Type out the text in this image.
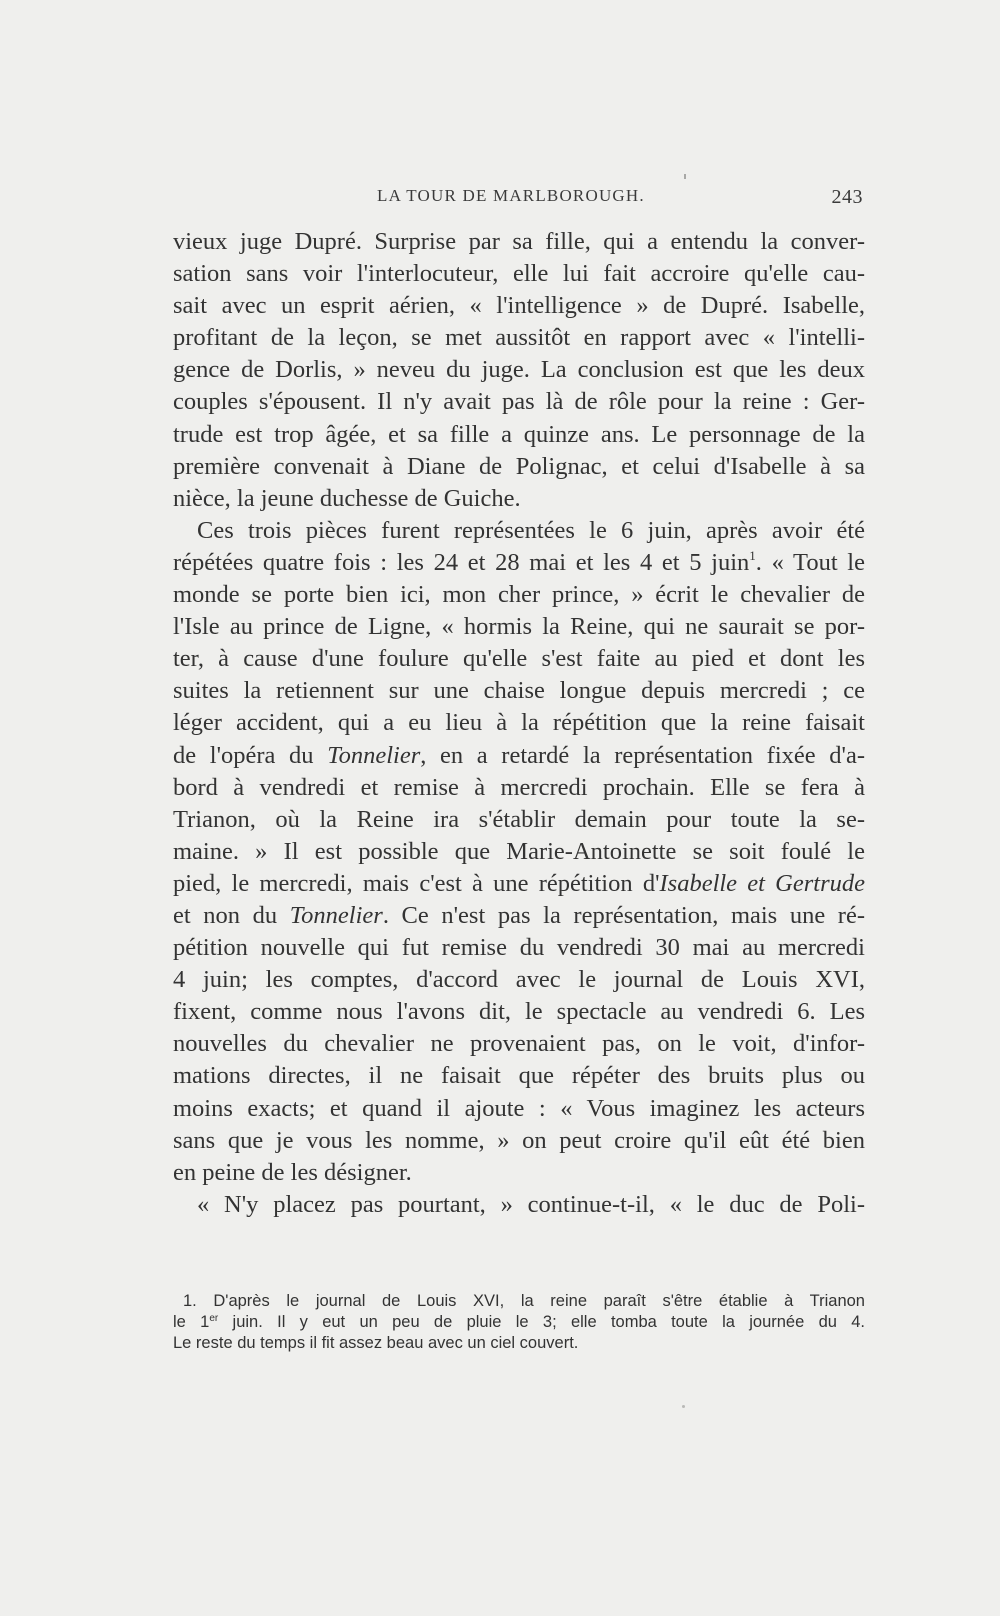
LA TOUR DE MARLBOROUGH.	243
vieux juge Dupré. Surprise par sa fille, qui a entendu la conver-
sation sans voir l'interlocuteur, elle lui fait accroire qu'elle cau-
sait avec un esprit aérien, « l'intelligence » de Dupré. Isabelle,
profitant de la leçon, se met aussitôt en rapport avec « l'intelli-
gence de Dorlis, » neveu du juge. La conclusion est que les deux
couples s'épousent. Il n'y avait pas là de rôle pour la reine : Ger-
trude est trop âgée, et sa fille a quinze ans. Le personnage de la
première convenait à Diane de Polignac, et celui d'Isabelle à sa
nièce, la jeune duchesse de Guiche.
Ces trois pièces furent représentées le 6 juin, après avoir été
répétées quatre fois : les 24 et 28 mai et les 4 et 5 juin$^1$. « Tout le
monde se porte bien ici, mon cher prince, » écrit le chevalier de
l'Isle au prince de Ligne, « hormis la Reine, qui ne saurait se por-
ter, à cause d'une foulure qu'elle s'est faite au pied et dont les
suites la retiennent sur une chaise longue depuis mercredi ; ce
léger accident, qui a eu lieu à la répétition que la reine faisait
de l'opéra du Tonnelier, en a retardé la représentation fixée d'a-
bord à vendredi et remise à mercredi prochain. Elle se fera à
Trianon, où la Reine ira s'établir demain pour toute la se-
maine. » Il est possible que Marie-Antoinette se soit foulé le
pied, le mercredi, mais c'est à une répétition d'Isabelle et Gertrude
et non du Tonnelier. Ce n'est pas la représentation, mais une ré-
pétition nouvelle qui fut remise du vendredi 30 mai au mercredi
4 juin; les comptes, d'accord avec le journal de Louis XVI,
fixent, comme nous l'avons dit, le spectacle au vendredi 6. Les
nouvelles du chevalier ne provenaient pas, on le voit, d'infor-
mations directes, il ne faisait que répéter des bruits plus ou
moins exacts; et quand il ajoute : « Vous imaginez les acteurs
sans que je vous les nomme, » on peut croire qu'il eût été bien
en peine de les désigner.
« N'y placez pas pourtant, » continue-t-il, « le duc de Poli-
1. D'après le journal de Louis XVI, la reine paraît s'être établie à Trianon
le 1er juin. Il y eut un peu de pluie le 3; elle tomba toute la journée du 4.
Le reste du temps il fit assez beau avec un ciel couvert.
